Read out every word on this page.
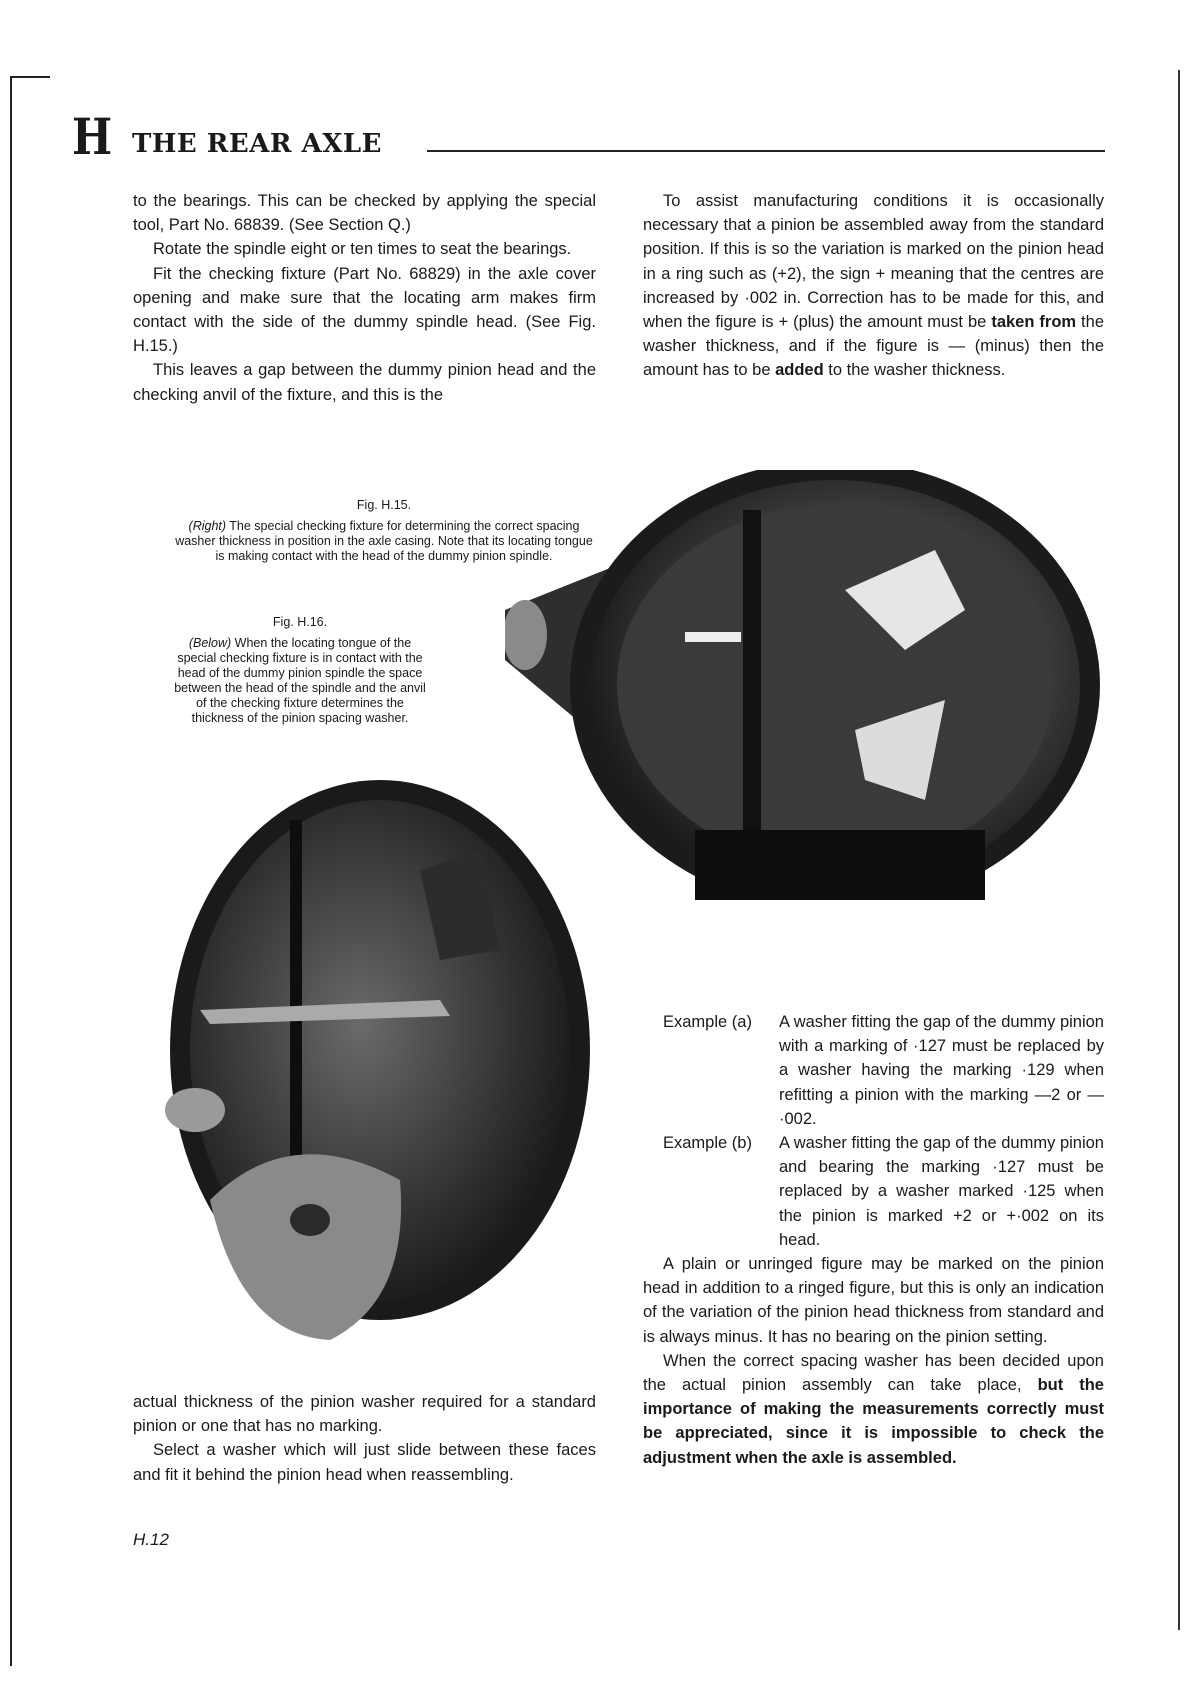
H THE REAR AXLE

to the bearings. This can be checked by applying the special tool, Part No. 68839. (See Section Q.)

Rotate the spindle eight or ten times to seat the bearings.

Fit the checking fixture (Part No. 68829) in the axle cover opening and make sure that the locating arm makes firm contact with the side of the dummy spindle head. (See Fig. H.15.)

This leaves a gap between the dummy pinion head and the checking anvil of the fixture, and this is the

To assist manufacturing conditions it is occasionally necessary that a pinion be assembled away from the standard position. If this is so the variation is marked on the pinion head in a ring such as (+2), the sign + meaning that the centres are increased by ·002 in. Correction has to be made for this, and when the figure is + (plus) the amount must be taken from the washer thickness, and if the figure is — (minus) then the amount has to be added to the washer thickness.

Fig. H.15.
(Right) The special checking fixture for determining the correct spacing washer thickness in position in the axle casing. Note that its locating tongue is making contact with the head of the dummy pinion spindle.
Fig. H.16.
(Below) When the locating tongue of the special checking fixture is in contact with the head of the dummy pinion spindle the space between the head of the spindle and the anvil of the checking fixture determines the thickness of the pinion spacing washer.
Example (a)	A washer fitting the gap of the dummy pinion with a marking of ·127 must be replaced by a washer having the marking ·129 when refitting a pinion with the marking —2 or —·002.
Example (b)	A washer fitting the gap of the dummy pinion and bearing the marking ·127 must be replaced by a washer marked ·125 when the pinion is marked +2 or +·002 on its head.

A plain or unringed figure may be marked on the pinion head in addition to a ringed figure, but this is only an indication of the variation of the pinion head thickness from standard and is always minus. It has no bearing on the pinion setting.

When the correct spacing washer has been decided upon the actual pinion assembly can take place, but the importance of making the measurements correctly must be appreciated, since it is impossible to check the adjustment when the axle is assembled.

actual thickness of the pinion washer required for a standard pinion or one that has no marking.

Select a washer which will just slide between these faces and fit it behind the pinion head when reassembling.

H.12
